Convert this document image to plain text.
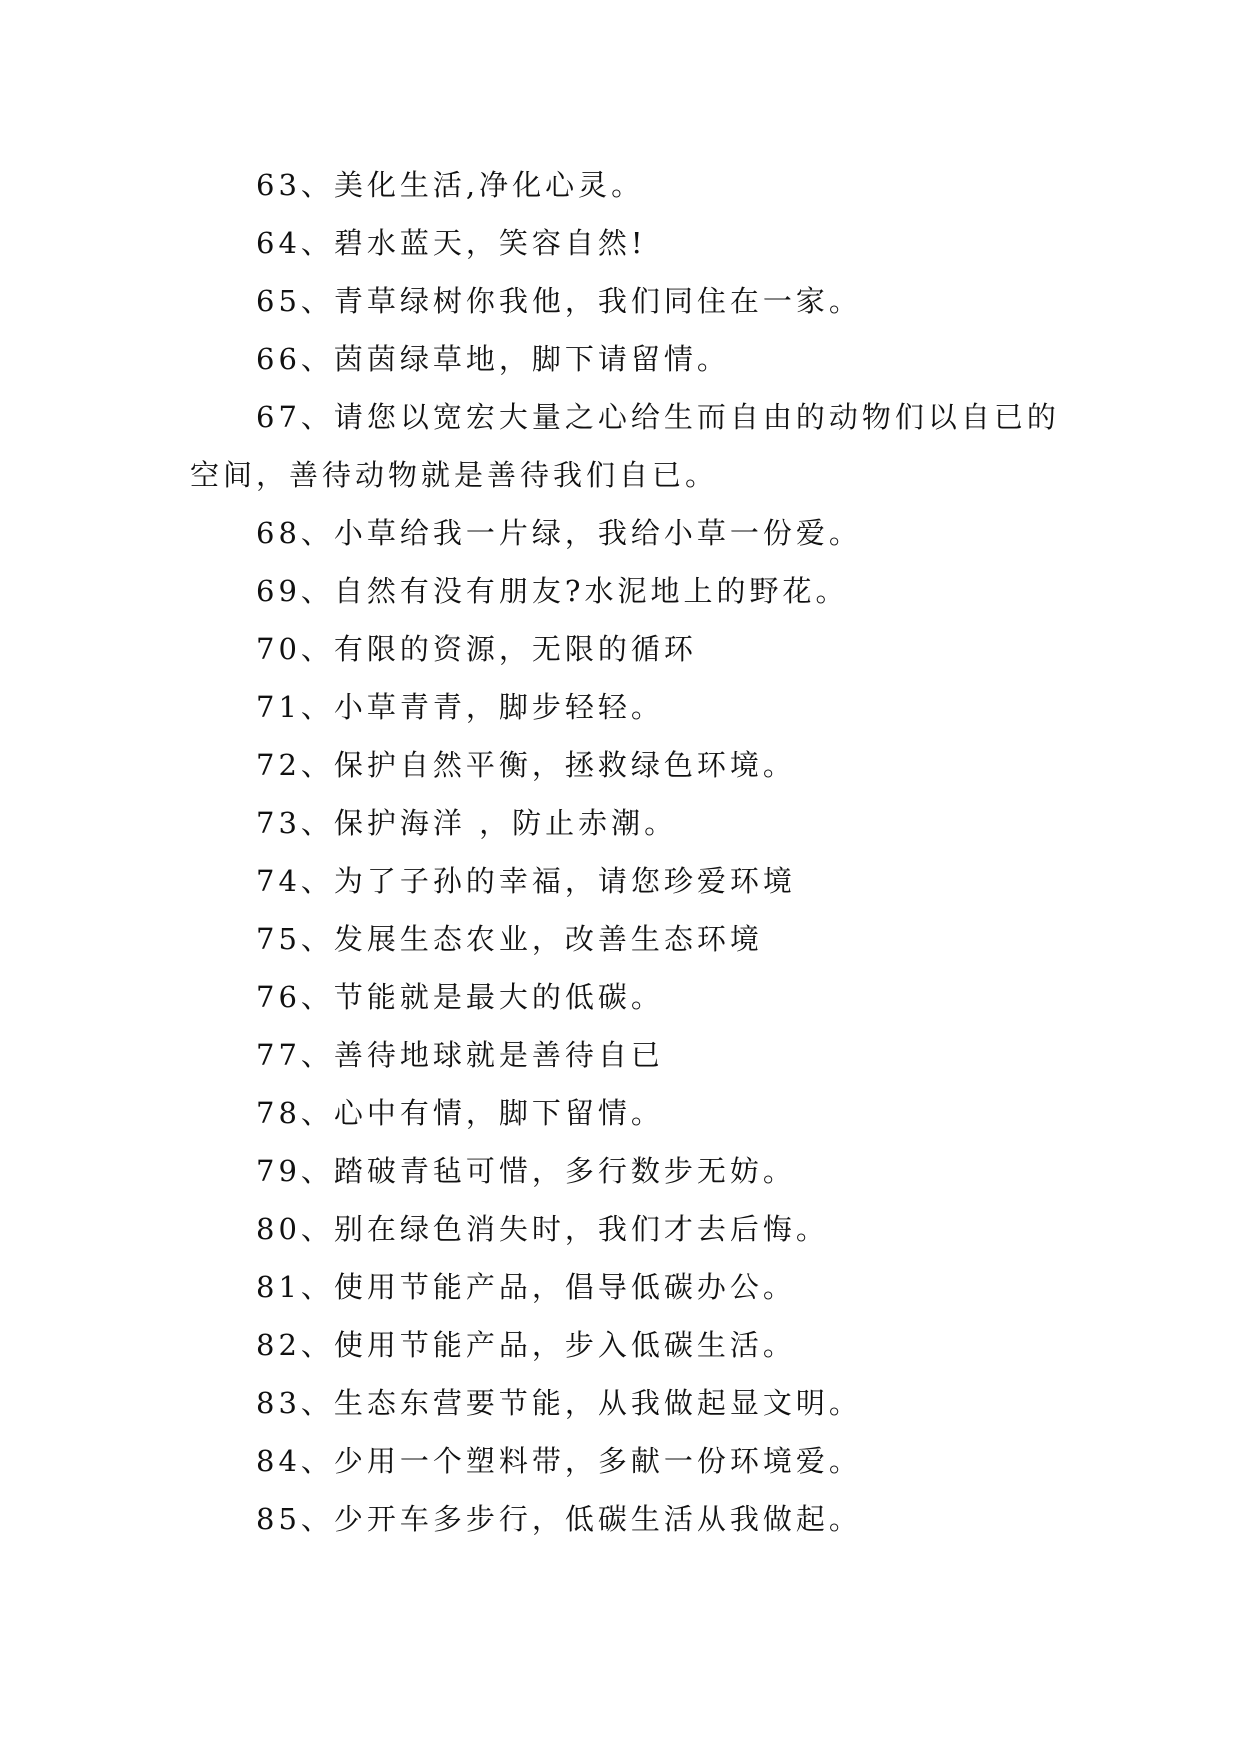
63、美化生活,净化心灵。

64、碧水蓝天，笑容自然!

65、青草绿树你我他，我们同住在一家。

66、茵茵绿草地，脚下请留情。

67、请您以宽宏大量之心给生而自由的动物们以自已的空间，善待动物就是善待我们自已。

68、小草给我一片绿，我给小草一份爱。

69、自然有没有朋友?水泥地上的野花。

70、有限的资源，无限的循环

71、小草青青，脚步轻轻。

72、保护自然平衡，拯救绿色环境。

73、保护海洋 ，防止赤潮。

74、为了子孙的幸福，请您珍爱环境

75、发展生态农业，改善生态环境

76、节能就是最大的低碳。

77、善待地球就是善待自已

78、心中有情，脚下留情。

79、踏破青毡可惜，多行数步无妨。

80、别在绿色消失时，我们才去后悔。

81、使用节能产品，倡导低碳办公。

82、使用节能产品，步入低碳生活。

83、生态东营要节能，从我做起显文明。

84、少用一个塑料带，多献一份环境爱。

85、少开车多步行，低碳生活从我做起。
